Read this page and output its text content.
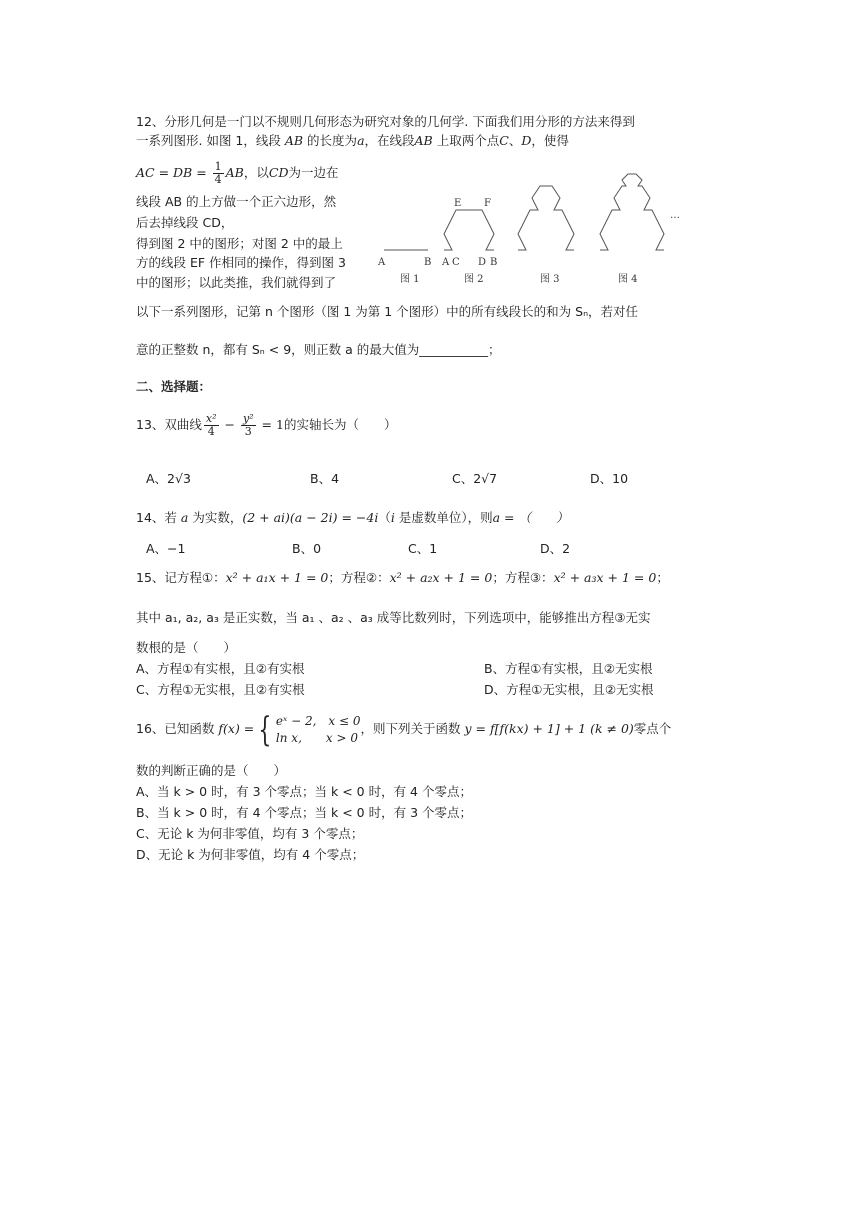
12、分形几何是一门以不规则几何形态为研究对象的几何学. 下面我们用分形的方法来得到
一系列图形. 如图 1，线段 AB 的长度为a，在线段AB 上取两个点C、D，使得
AC = DB = $\frac{1}{4}$ AB，以CD为一边在
线段 AB 的上方做一个正六边形，然
后去掉线段 CD，
得到图 2 中的图形；对图 2 中的最上
方的线段 EF 作相同的操作，得到图 3
中的图形；以此类推，我们就得到了
以下一系列图形，记第 n 个图形（图 1 为第 1 个图形）中的所有线段长的和为 Sₙ，若对任
意的正整数 n，都有 Sₙ < 9，则正数 a 的最大值为___________；
A	B A C D B
E F
图 1	图 2	图 3	图 4
…
二、选择题：
13、双曲线 $\frac{\text{x²}}{4} - \frac{\text{y²}}{3} = 1$的实轴长为（　　）
A、2√3	B、4	C、2√7	D、10
14、若 a 为实数，(2 + ai)(a − 2i) = −4i（i 是虚数单位），则a = （　　）
A、−1	B、0	C、1	D、2
15、记方程①：x² + a₁x + 1 = 0；方程②：x² + a₂x + 1 = 0；方程③：x² + a₃x + 1 = 0；
其中 a₁, a₂, a₃ 是正实数，当 a₁ 、a₂ 、a₃ 成等比数列时，下列选项中，能够推出方程③无实
数根的是（　　）
A、方程①有实根，且②有实根	B、方程①有实根，且②无实根
C、方程①无实根，且②有实根	D、方程①无实根，且②无实根
16、已知函数 f(x) = { eˣ − 2,　x ≤ 0
ln x,　　x > 0
，则下列关于函数 y = f[f(kx) + 1] + 1 (k ≠ 0)零点个
数的判断正确的是（　　）
A、当 k > 0 时，有 3 个零点；当 k < 0 时，有 4 个零点；
B、当 k > 0 时，有 4 个零点；当 k < 0 时，有 3 个零点；
C、无论 k 为何非零值，均有 3 个零点；
D、无论 k 为何非零值，均有 4 个零点；
